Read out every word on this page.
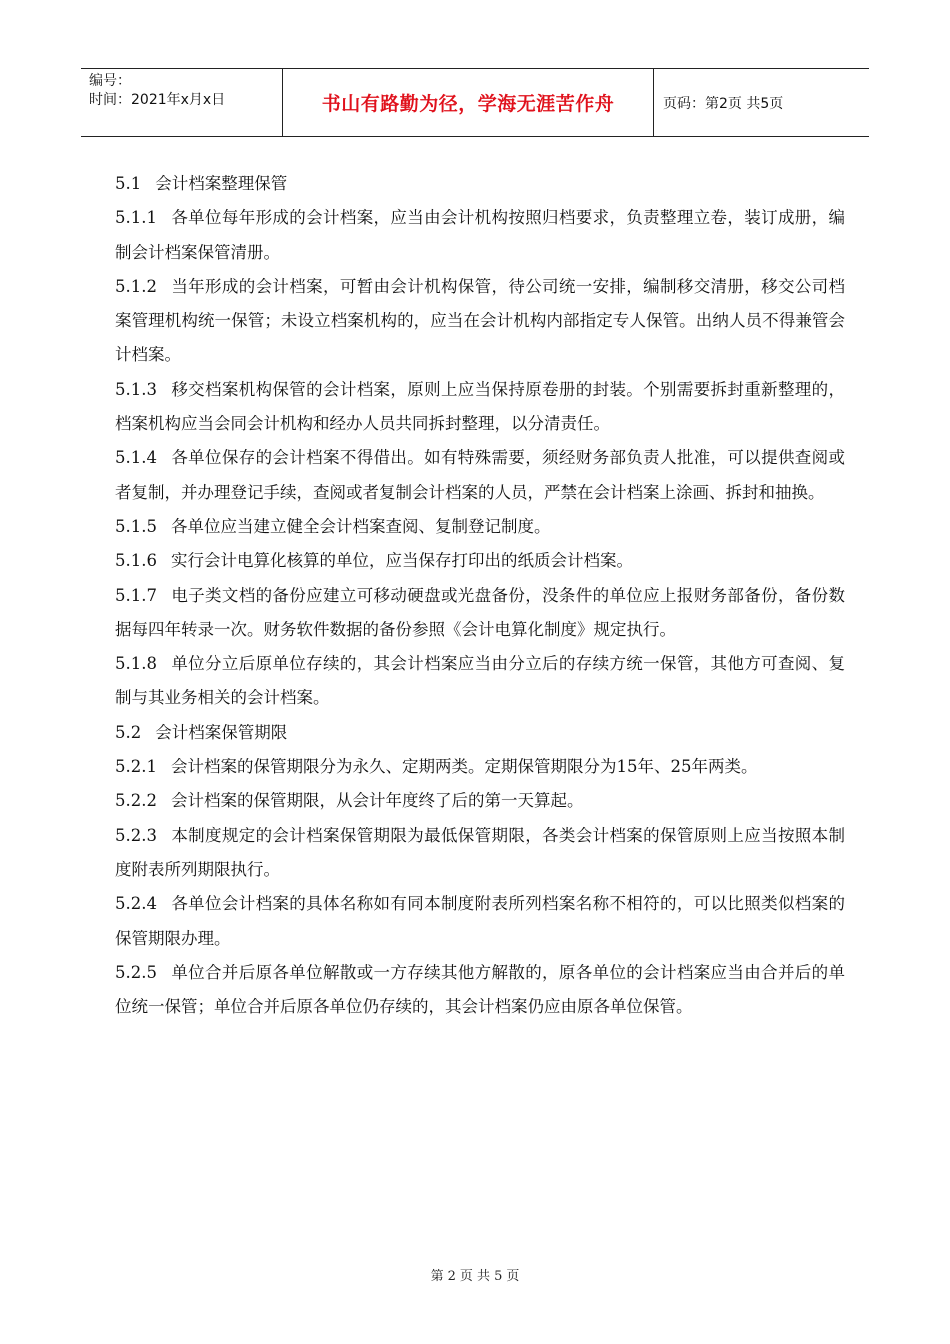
编号：
时间：2021年x月x日	书山有路勤为径，学海无涯苦作舟	页码：第2页 共5页

5.1 会计档案整理保管

5.1.1 各单位每年形成的会计档案，应当由会计机构按照归档要求，负责整理立卷，装订成册，编制会计档案保管清册。

5.1.2 当年形成的会计档案，可暂由会计机构保管，待公司统一安排，编制移交清册，移交公司档案管理机构统一保管；未设立档案机构的，应当在会计机构内部指定专人保管。出纳人员不得兼管会计档案。

5.1.3 移交档案机构保管的会计档案，原则上应当保持原卷册的封装。个别需要拆封重新整理的，档案机构应当会同会计机构和经办人员共同拆封整理，以分清责任。

5.1.4 各单位保存的会计档案不得借出。如有特殊需要，须经财务部负责人批准，可以提供查阅或者复制，并办理登记手续，查阅或者复制会计档案的人员，严禁在会计档案上涂画、拆封和抽换。

5.1.5 各单位应当建立健全会计档案查阅、复制登记制度。

5.1.6 实行会计电算化核算的单位，应当保存打印出的纸质会计档案。

5.1.7 电子类文档的备份应建立可移动硬盘或光盘备份，没条件的单位应上报财务部备份，备份数据每四年转录一次。财务软件数据的备份参照《会计电算化制度》规定执行。

5.1.8 单位分立后原单位存续的，其会计档案应当由分立后的存续方统一保管，其他方可查阅、复制与其业务相关的会计档案。

5.2 会计档案保管期限

5.2.1 会计档案的保管期限分为永久、定期两类。定期保管期限分为15年、25年两类。

5.2.2 会计档案的保管期限，从会计年度终了后的第一天算起。

5.2.3 本制度规定的会计档案保管期限为最低保管期限，各类会计档案的保管原则上应当按照本制度附表所列期限执行。

5.2.4 各单位会计档案的具体名称如有同本制度附表所列档案名称不相符的，可以比照类似档案的保管期限办理。

5.2.5 单位合并后原各单位解散或一方存续其他方解散的，原各单位的会计档案应当由合并后的单位统一保管；单位合并后原各单位仍存续的，其会计档案仍应由原各单位保管。

第 2 页 共 5 页
